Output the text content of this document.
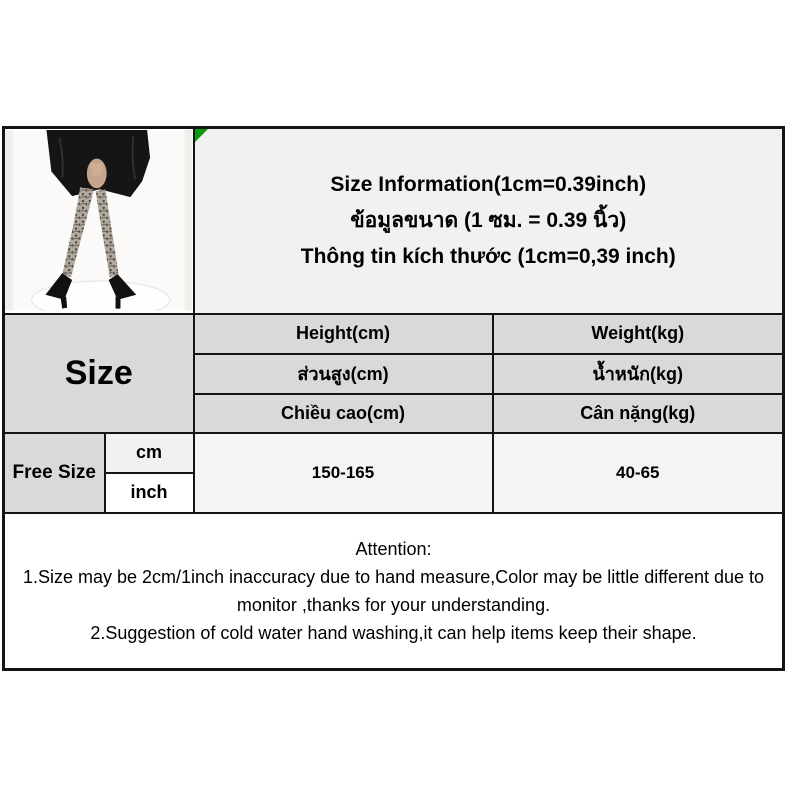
Size Information(1cm=0.39inch)
ข้อมูลขนาด (1 ซม. = 0.39 นิ้ว)
Thông tin kích thước (1cm=0,39 inch)	

Size		Height(cm)	Weight(kg)
		ส่วนสูง(cm)	น้ำหนัก(kg)
		Chiều cao(cm)	Cân nặng(kg)
Free Size	cm	150-165	40-65
	inch		

Attention:

1.Size may be 2cm/1inch inaccuracy due to hand measure,Color may be little different due to monitor ,thanks for your understanding.

2.Suggestion of cold water hand washing,it can help items keep their shape.			
